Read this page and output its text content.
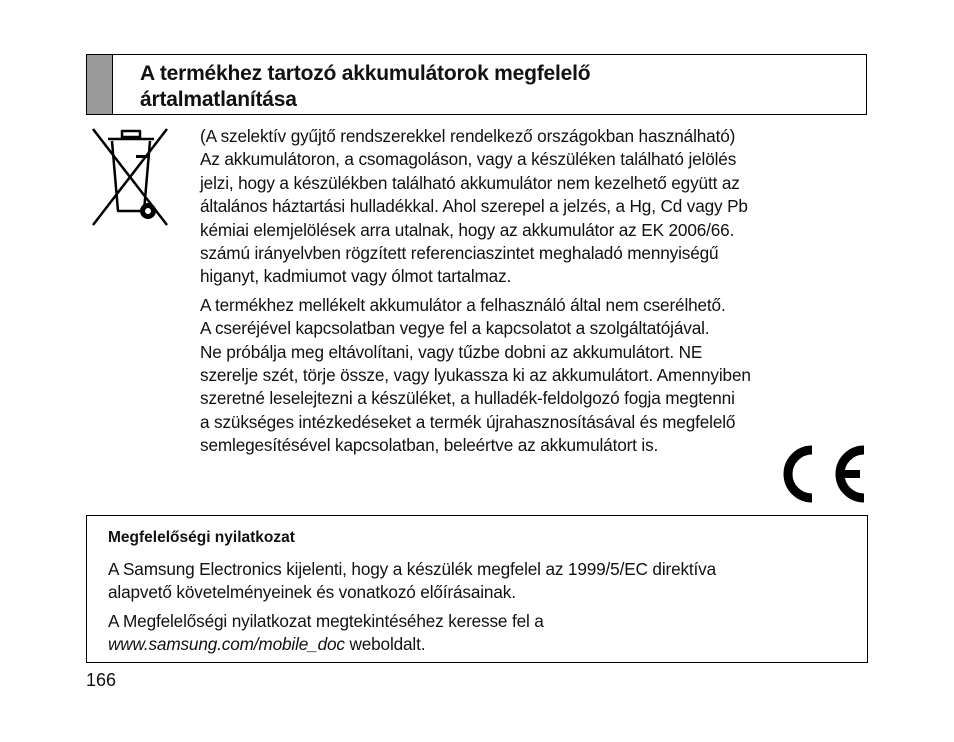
A termékhez tartozó akkumulátorok megfelelő
ártalmatlanítása

(A szelektív gyűjtő rendszerekkel rendelkező országokban használható)
Az akkumulátoron, a csomagoláson, vagy a készüléken található jelölés
jelzi, hogy a készülékben található akkumulátor nem kezelhető együtt az
általános háztartási hulladékkal. Ahol szerepel a jelzés, a Hg, Cd vagy Pb
kémiai elemjelölések arra utalnak, hogy az akkumulátor az EK 2006/66.
számú irányelvben rögzített referenciaszintet meghaladó mennyiségű
higanyt, kadmiumot vagy ólmot tartalmaz.

A termékhez mellékelt akkumulátor a felhasználó által nem cserélhető.
A cseréjével kapcsolatban vegye fel a kapcsolatot a szolgáltatójával.
Ne próbálja meg eltávolítani, vagy tűzbe dobni az akkumulátort. NE
szerelje szét, törje össze, vagy lyukassza ki az akkumulátort. Amennyiben
szeretné leselejtezni a készüléket, a hulladék-feldolgozó fogja megtenni
a szükséges intézkedéseket a termék újrahasznosításával és megfelelő
semlegesítésével kapcsolatban, beleértve az akkumulátort is.

Megfelelőségi nyilatkozat
A Samsung Electronics kijelenti, hogy a készülék megfelel az 1999/5/EC direktíva
alapvető követelményeinek és vonatkozó előírásainak.
A Megfelelőségi nyilatkozat megtekintéséhez keresse fel a
www.samsung.com/mobile_doc weboldalt.
166
